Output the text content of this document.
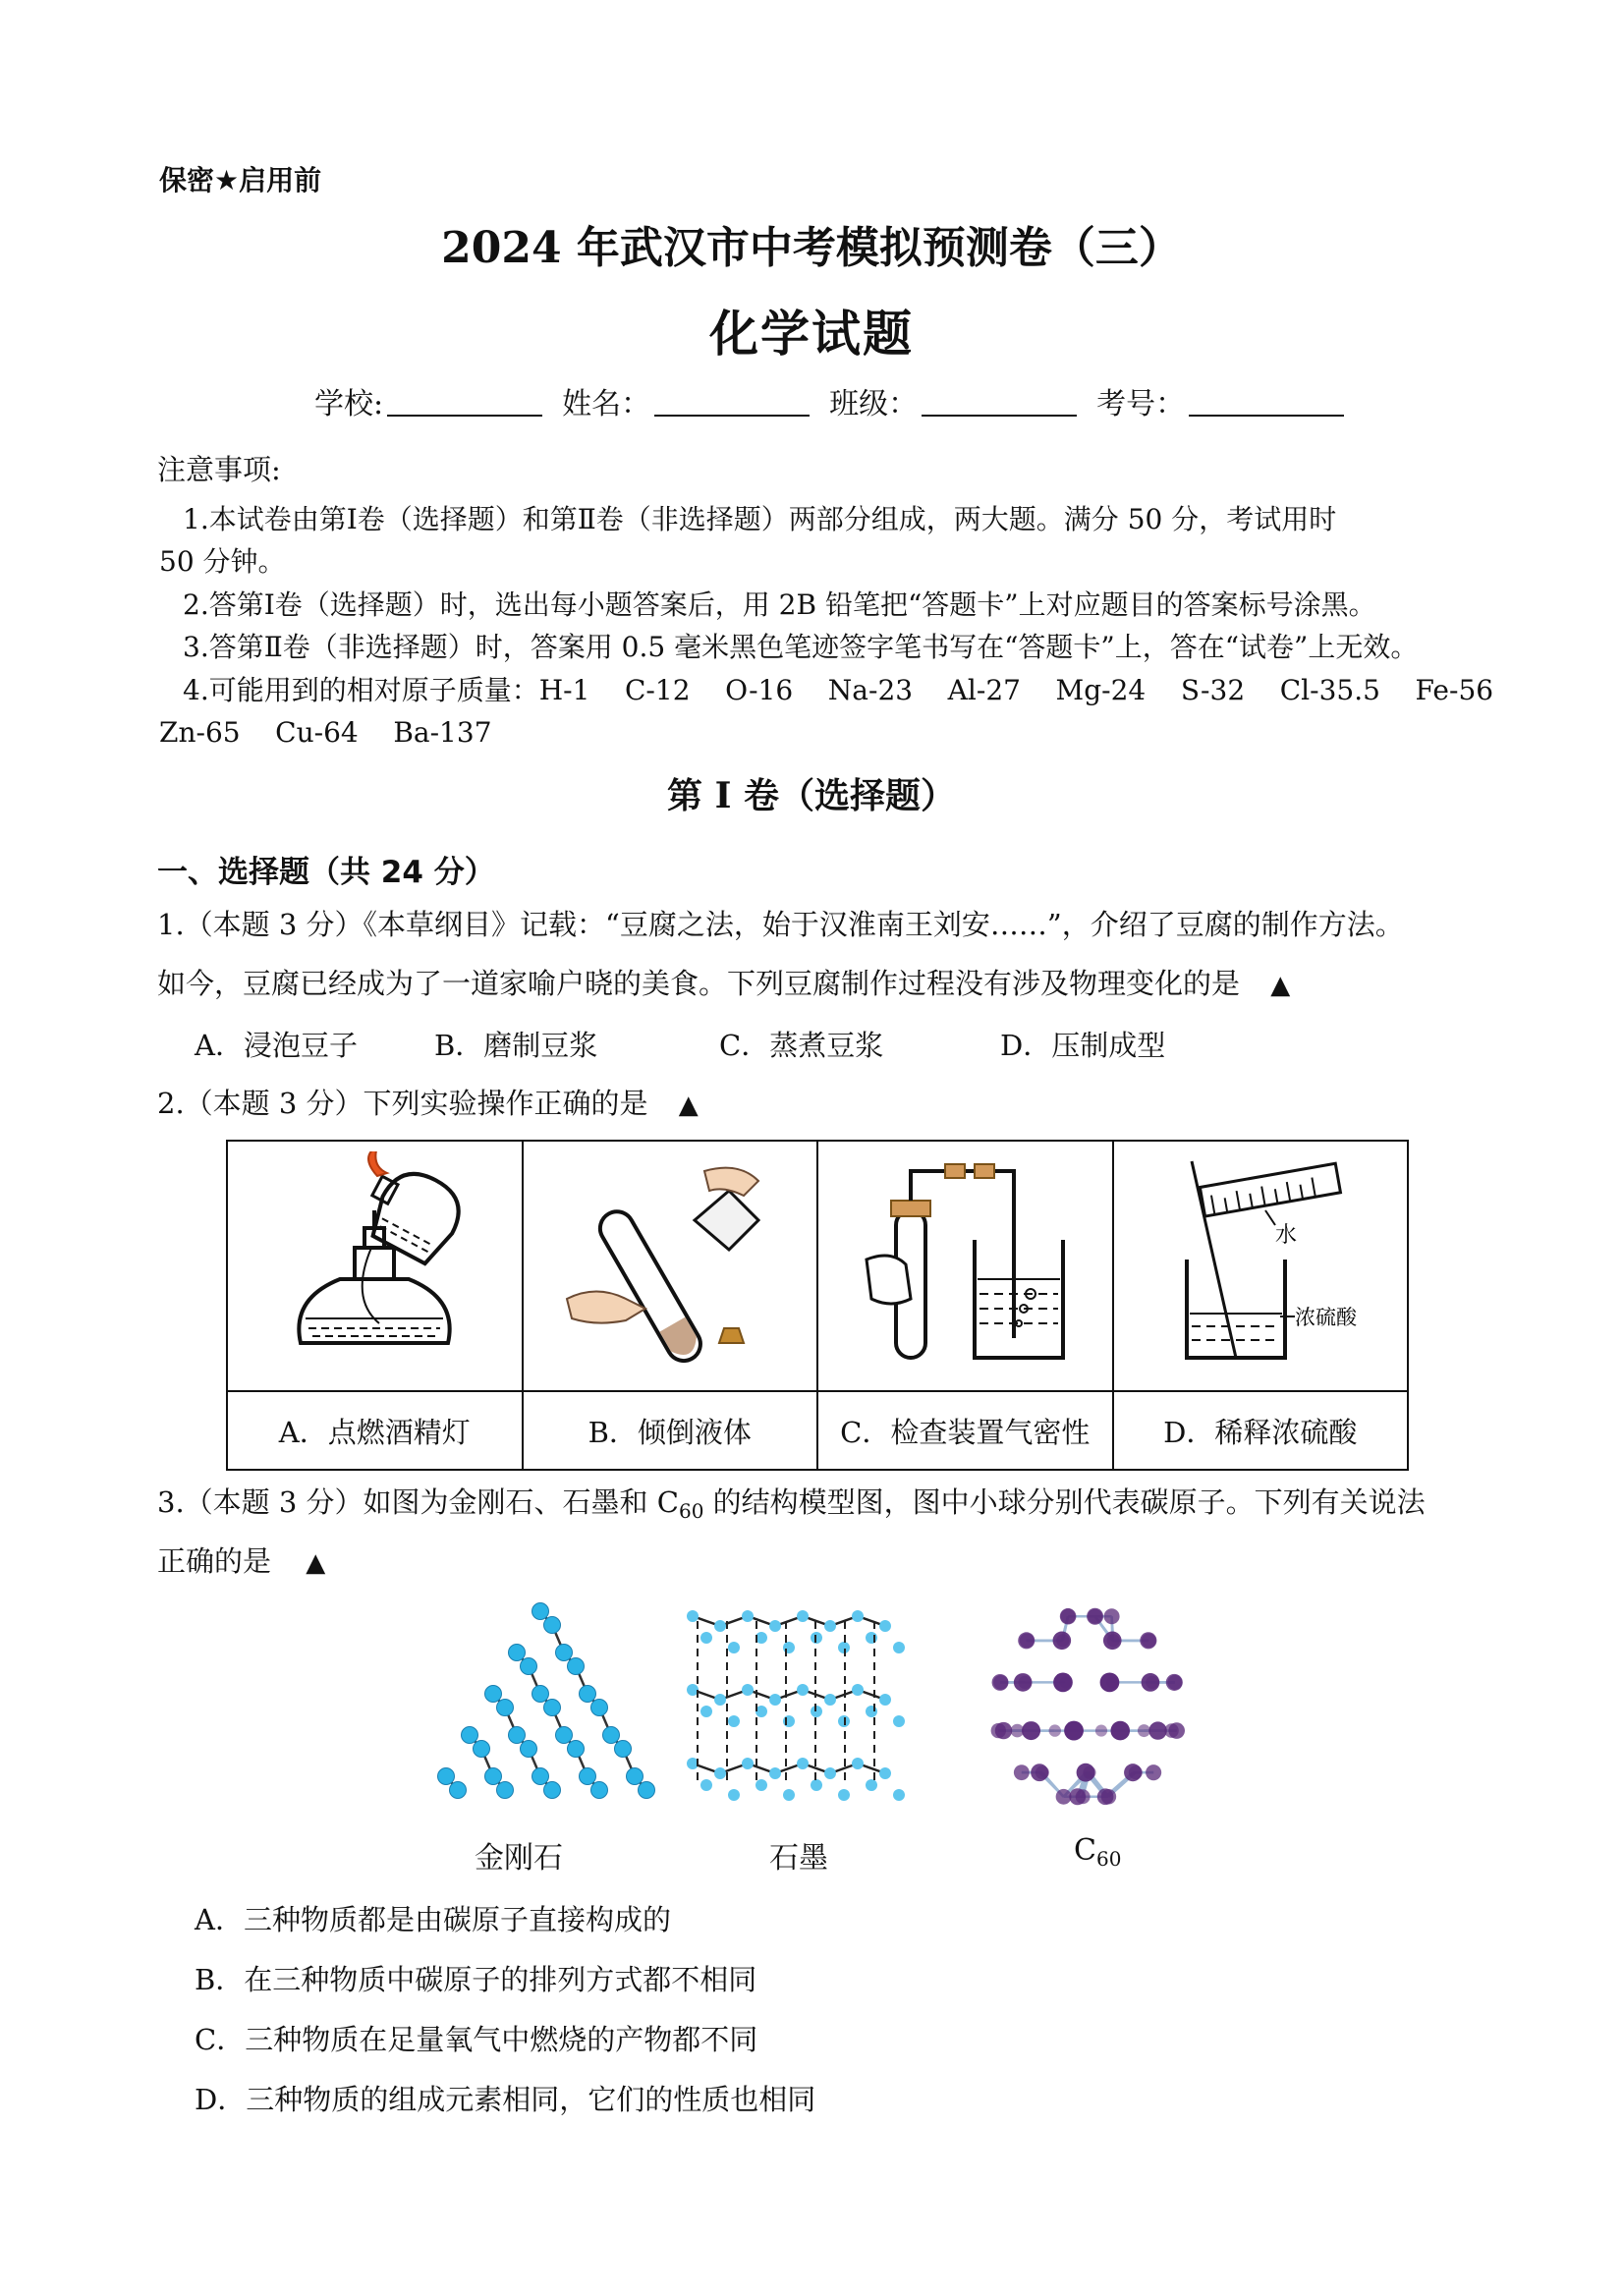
保密★启用前
2024 年武汉市中考模拟预测卷（三）
化学试题
学校:	姓名：	班级：	考号：
注意事项:
1.本试卷由第Ⅰ卷（选择题）和第Ⅱ卷（非选择题）两部分组成，两大题。满分 50 分，考试用时
50 分钟。
2.答第Ⅰ卷（选择题）时，选出每小题答案后，用 2B 铅笔把“答题卡”上对应题目的答案标号涂黑。
3.答第Ⅱ卷（非选择题）时，答案用 0.5 毫米黑色笔迹签字笔书写在“答题卡”上，答在“试卷”上无效。
4.可能用到的相对原子质量：H-1    C-12    O-16    Na-23    Al-27    Mg-24    S-32    Cl-35.5    Fe-56
Zn-65    Cu-64    Ba-137
第 I 卷（选择题）
一、选择题（共 24 分）
1.（本题 3 分）《本草纲目》记载：“豆腐之法，始于汉淮南王刘安……”，介绍了豆腐的制作方法。
如今，豆腐已经成为了一道家喻户晓的美食。下列豆腐制作过程没有涉及物理变化的是 ▲
A．浸泡豆子	B．磨制豆浆	C．蒸煮豆浆	D．压制成型
2.（本题 3 分）下列实验操作正确的是 ▲

水
浓硫酸

A．点燃酒精灯	B．倾倒液体	C．检查装置气密性	D．稀释浓硫酸
3.（本题 3 分）如图为金刚石、石墨和 $C_{60}$ 的结构模型图，图中小球分别代表碳原子。下列有关说法
正确的是 ▲
金刚石	石墨	$C_{60}$
A．三种物质都是由碳原子直接构成的
B．在三种物质中碳原子的排列方式都不相同
C．三种物质在足量氧气中燃烧的产物都不同
D．三种物质的组成元素相同，它们的性质也相同
